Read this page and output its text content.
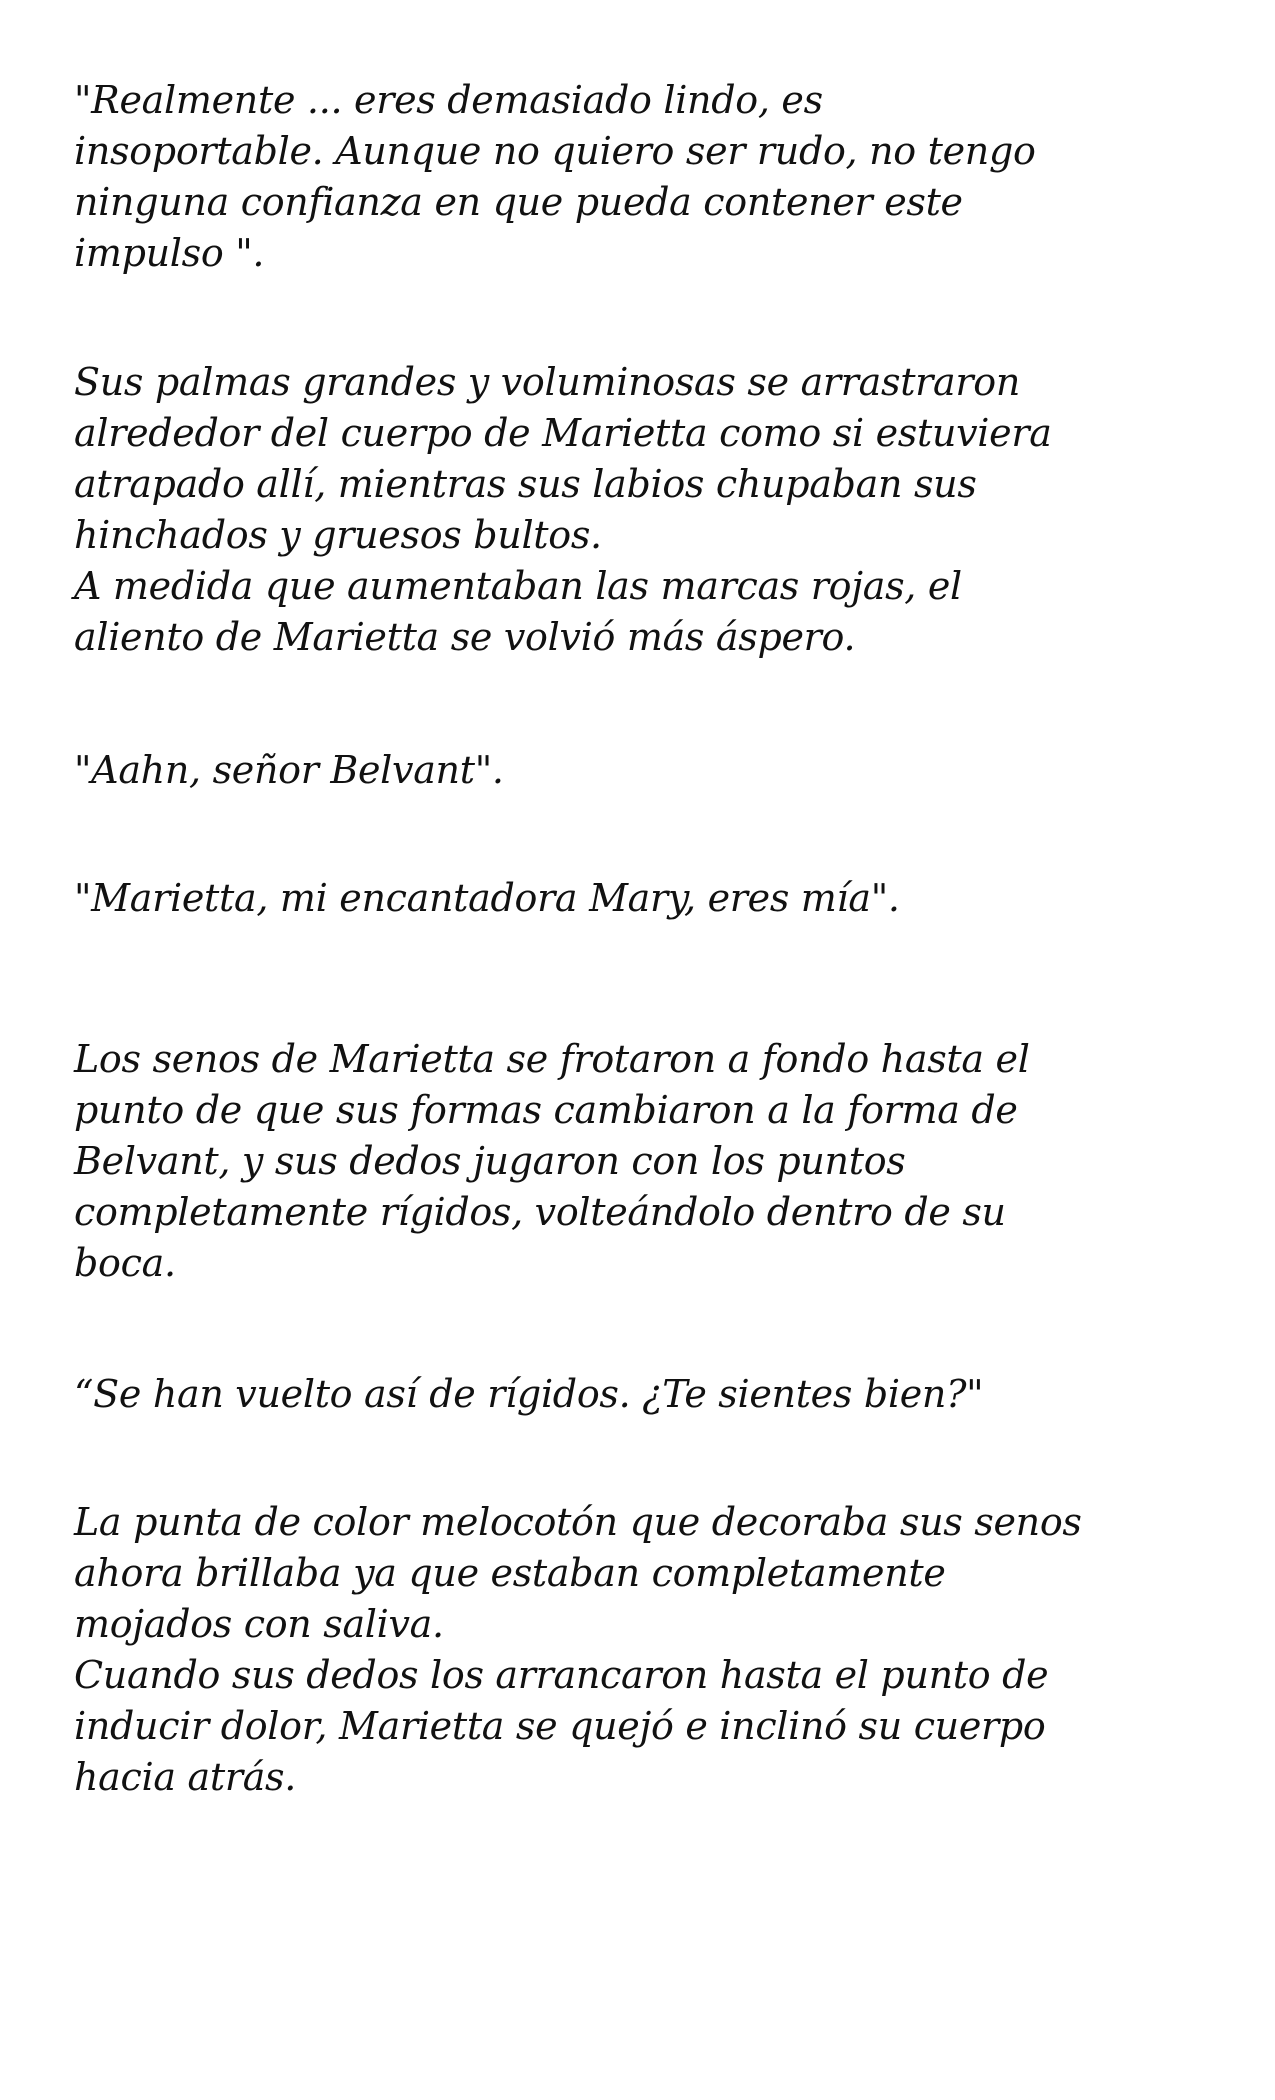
"Realmente ... eres demasiado lindo, es
insoportable. Aunque no quiero ser rudo, no tengo
ninguna confianza en que pueda contener este
impulso ".

Sus palmas grandes y voluminosas se arrastraron
alrededor del cuerpo de Marietta como si estuviera
atrapado allí, mientras sus labios chupaban sus
hinchados y gruesos bultos.
A medida que aumentaban las marcas rojas, el
aliento de Marietta se volvió más áspero.

"Aahn, señor Belvant".

"Marietta, mi encantadora Mary, eres mía".

Los senos de Marietta se frotaron a fondo hasta el
punto de que sus formas cambiaron a la forma de
Belvant, y sus dedos jugaron con los puntos
completamente rígidos, volteándolo dentro de su
boca.

“Se han vuelto así de rígidos. ¿Te sientes bien?"

La punta de color melocotón que decoraba sus senos
ahora brillaba ya que estaban completamente
mojados con saliva.
Cuando sus dedos los arrancaron hasta el punto de
inducir dolor, Marietta se quejó e inclinó su cuerpo
hacia atrás.
